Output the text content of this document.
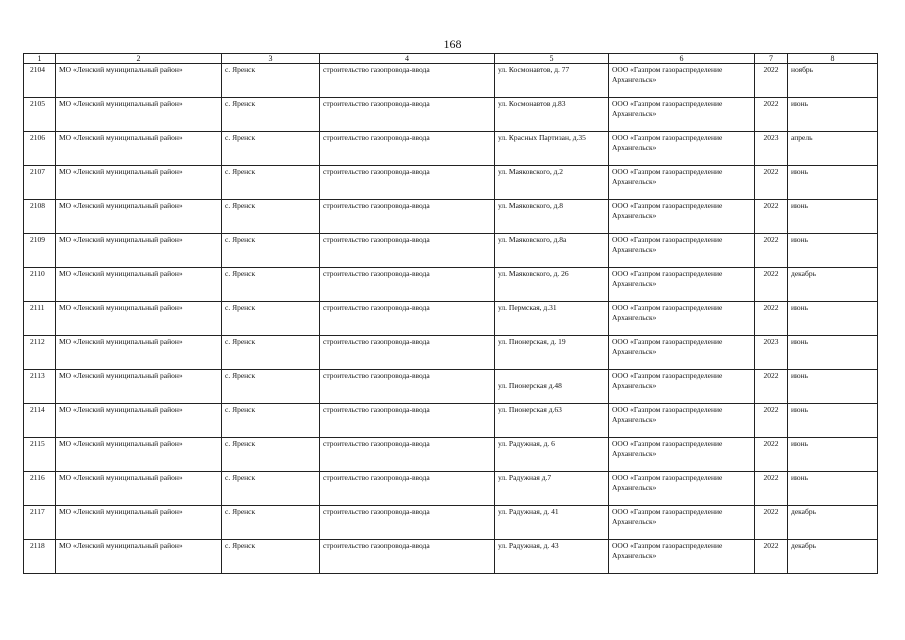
168
1	2	3	4	5	6	7	8
2104	МО «Ленский муниципальный район»	с. Яренск	строительство газопровода-ввода	ул. Космонавтов, д. 77	ООО «Газпром газораспределение
Архангельск»	2022	ноябрь
2105	МО «Ленский муниципальный район»	с. Яренск	строительство газопровода-ввода	ул. Космонавтов д.83	ООО «Газпром газораспределение
Архангельск»	2022	июнь
2106	МО «Ленский муниципальный район»	с. Яренск	строительство газопровода-ввода	ул. Красных Партизан, д.35	ООО «Газпром газораспределение
Архангельск»	2023	апрель
2107	МО «Ленский муниципальный район»	с. Яренск	строительство газопровода-ввода	ул. Маяковского, д.2	ООО «Газпром газораспределение
Архангельск»	2022	июнь
2108	МО «Ленский муниципальный район»	с. Яренск	строительство газопровода-ввода	ул. Маяковского, д.8	ООО «Газпром газораспределение
Архангельск»	2022	июнь
2109	МО «Ленский муниципальный район»	с. Яренск	строительство газопровода-ввода	ул. Маяковского, д.8а	ООО «Газпром газораспределение
Архангельск»	2022	июнь
2110	МО «Ленский муниципальный район»	с. Яренск	строительство газопровода-ввода	ул. Маяковского, д. 26	ООО «Газпром газораспределение
Архангельск»	2022	декабрь
2111	МО «Ленский муниципальный район»	с. Яренск	строительство газопровода-ввода	ул. Пермская, д.31	ООО «Газпром газораспределение
Архангельск»	2022	июнь
2112	МО «Ленский муниципальный район»	с. Яренск	строительство газопровода-ввода	ул. Пионерская, д. 19	ООО «Газпром газораспределение
Архангельск»	2023	июнь
2113	МО «Ленский муниципальный район»	с. Яренск	строительство газопровода-ввода	ул. Пионерская д.48	ООО «Газпром газораспределение
Архангельск»	2022	июнь
2114	МО «Ленский муниципальный район»	с. Яренск	строительство газопровода-ввода	ул. Пионерская д.63	ООО «Газпром газораспределение
Архангельск»	2022	июнь
2115	МО «Ленский муниципальный район»	с. Яренск	строительство газопровода-ввода	ул. Радужная, д. 6	ООО «Газпром газораспределение
Архангельск»	2022	июнь
2116	МО «Ленский муниципальный район»	с. Яренск	строительство газопровода-ввода	ул. Радужная д.7	ООО «Газпром газораспределение
Архангельск»	2022	июнь
2117	МО «Ленский муниципальный район»	с. Яренск	строительство газопровода-ввода	ул. Радужная, д. 41	ООО «Газпром газораспределение
Архангельск»	2022	декабрь
2118	МО «Ленский муниципальный район»	с. Яренск	строительство газопровода-ввода	ул. Радужная, д. 43	ООО «Газпром газораспределение
Архангельск»	2022	декабрь
